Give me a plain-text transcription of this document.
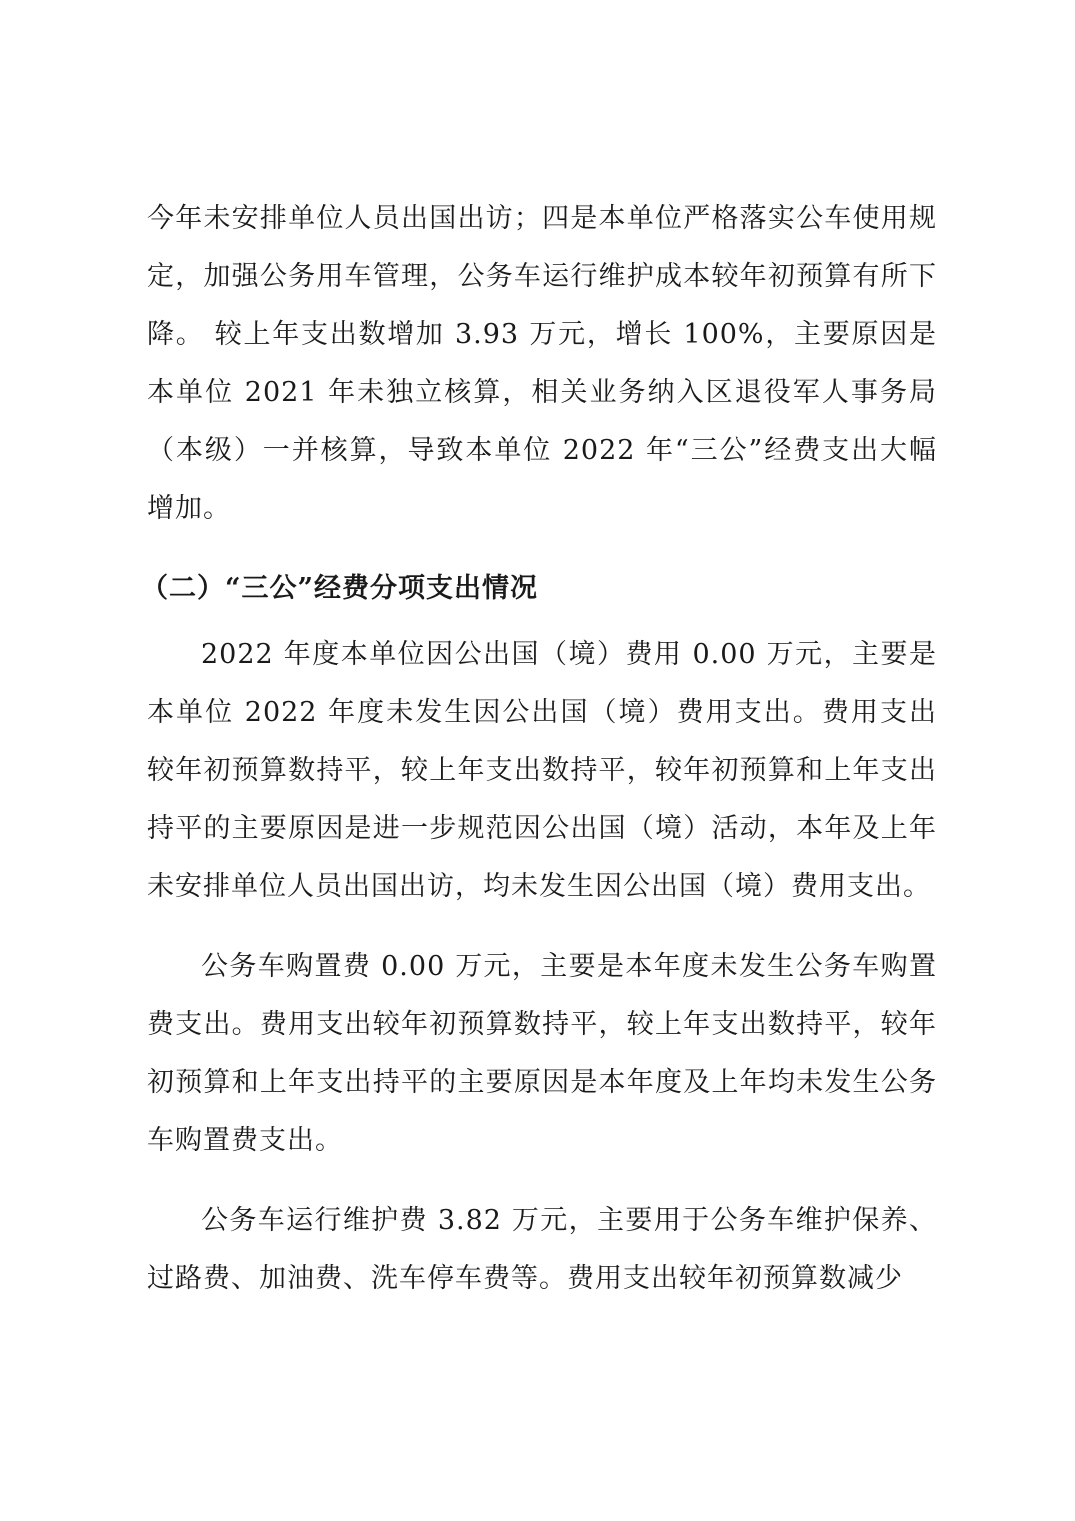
今年未安排单位人员出国出访；四是本单位严格落实公车使用规定，加强公务用车管理，公务车运行维护成本较年初预算有所下降。 较上年支出数增加 3.93 万元，增长 100%，主要原因是本单位 2021 年未独立核算，相关业务纳入区退役军人事务局（本级）一并核算，导致本单位 2022 年“三公”经费支出大幅增加。

（二）“三公”经费分项支出情况

2022 年度本单位因公出国（境）费用 0.00 万元，主要是本单位 2022 年度未发生因公出国（境）费用支出。费用支出较年初预算数持平，较上年支出数持平，较年初预算和上年支出持平的主要原因是进一步规范因公出国（境）活动，本年及上年未安排单位人员出国出访，均未发生因公出国（境）费用支出。

公务车购置费 0.00 万元，主要是本年度未发生公务车购置费支出。费用支出较年初预算数持平，较上年支出数持平，较年初预算和上年支出持平的主要原因是本年度及上年均未发生公务车购置费支出。

公务车运行维护费 3.82 万元，主要用于公务车维护保养、过路费、加油费、洗车停车费等。费用支出较年初预算数减少
